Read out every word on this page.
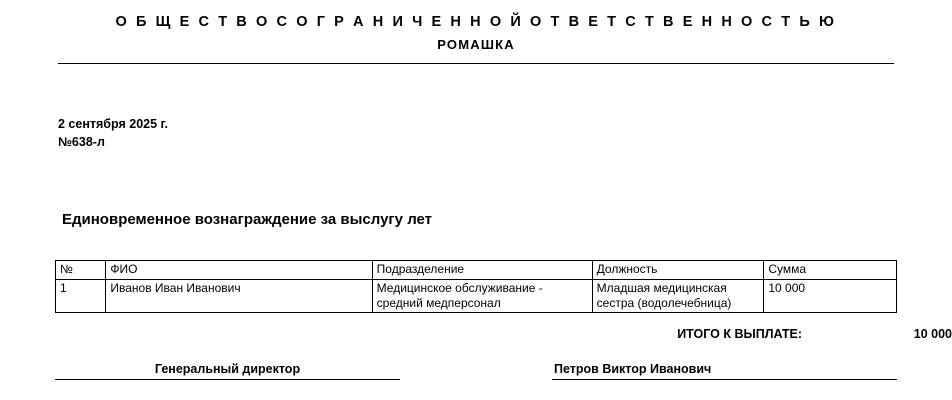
О Б Щ Е С Т В О С О Г Р А Н И Ч Е Н Н О Й О Т В Е Т С Т В Е Н Н О С Т Ь Ю
РОМАШКА
2 сентября 2025 г.
№638-л
Единовременное вознаграждение за выслугу лет
№	ФИО	Подразделение	Должность	Сумма
1	Иванов Иван Иванович	Медицинское обслуживание - средний медперсонал	Младшая медицинская сестра (водолечебница)	10 000
ИТОГО К ВЫПЛАТЕ:	10 000
Генеральный директор	Петров Виктор Иванович
